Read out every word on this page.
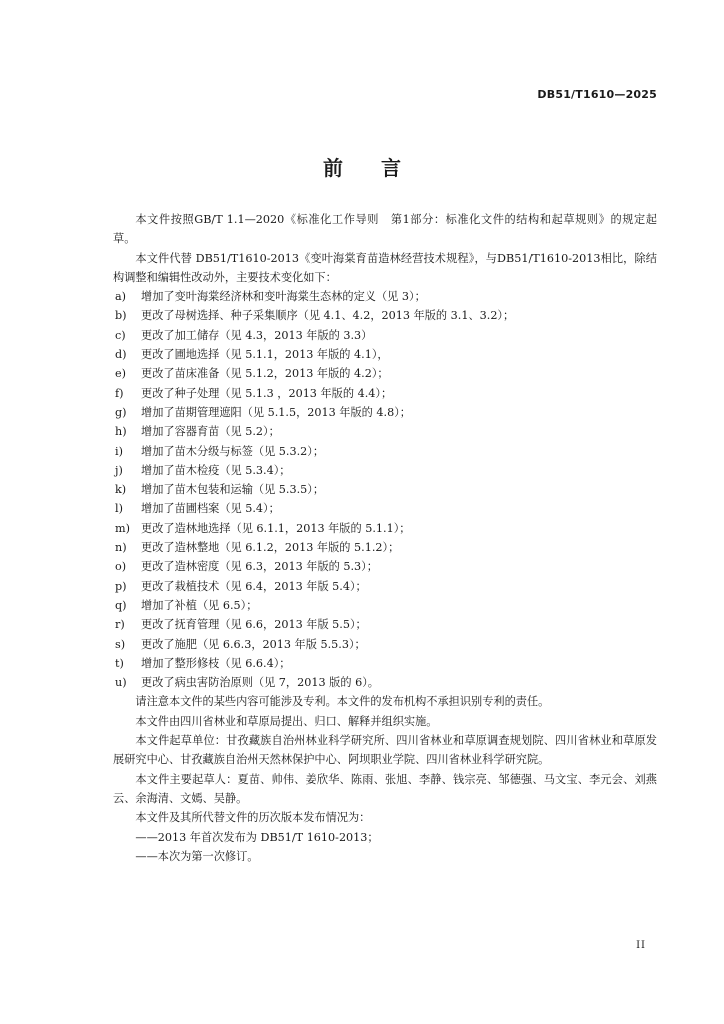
DB51/T1610—2025
前言

本文件按照GB/T 1.1—2020《标准化工作导则　第1部分：标准化文件的结构和起草规则》的规定起草。

本文件代替 DB51/T1610-2013《变叶海棠育苗造林经营技术规程》，与DB51/T1610-2013相比，除结构调整和编辑性改动外，主要技术变化如下：

a)	增加了变叶海棠经济林和变叶海棠生态林的定义（见 3）；
b)	更改了母树选择、种子采集顺序（见 4.1、4.2，2013 年版的 3.1、3.2）；
c)	更改了加工储存（见 4.3，2013 年版的 3.3）
d)	更改了圃地选择（见 5.1.1，2013 年版的 4.1），
e)	更改了苗床准备（见 5.1.2，2013 年版的 4.2）；
f)	更改了种子处理（见 5.1.3 ，2013 年版的 4.4）；
g)	增加了苗期管理遮阳（见 5.1.5，2013 年版的 4.8）；
h)	增加了容器育苗（见 5.2）；
i)	增加了苗木分级与标签（见 5.3.2）；
j)	增加了苗木检疫（见 5.3.4）；
k)	增加了苗木包装和运输（见 5.3.5）；
l)	增加了苗圃档案（见 5.4）；
m) 更改了造林地选择（见 6.1.1，2013 年版的 5.1.1）；
n)	更改了造林整地（见 6.1.2，2013 年版的 5.1.2）；
o)	更改了造林密度（见 6.3，2013 年版的 5.3）；
p)	更改了栽植技术（见 6.4，2013 年版 5.4）；
q)	增加了补植（见 6.5）；
r)	更改了抚育管理（见 6.6，2013 年版 5.5）；
s)	更改了施肥（见 6.6.3，2013 年版 5.5.3）；
t)	增加了整形修枝（见 6.6.4）；
u)	更改了病虫害防治原则（见 7，2013 版的 6）。

请注意本文件的某些内容可能涉及专利。本文件的发布机构不承担识别专利的责任。

本文件由四川省林业和草原局提出、归口、解释并组织实施。

本文件起草单位：甘孜藏族自治州林业科学研究所、四川省林业和草原调查规划院、四川省林业和草原发展研究中心、甘孜藏族自治州天然林保护中心、阿坝职业学院、四川省林业科学研究院。

本文件主要起草人：夏苗、帅伟、姜欣华、陈雨、张旭、李静、钱宗亮、邹德强、马文宝、李元会、刘燕云、余海清、文嫣、吴静。

本文件及其所代替文件的历次版本发布情况为：

——2013 年首次发布为 DB51/T 1610-2013；
——本次为第一次修订。
II
